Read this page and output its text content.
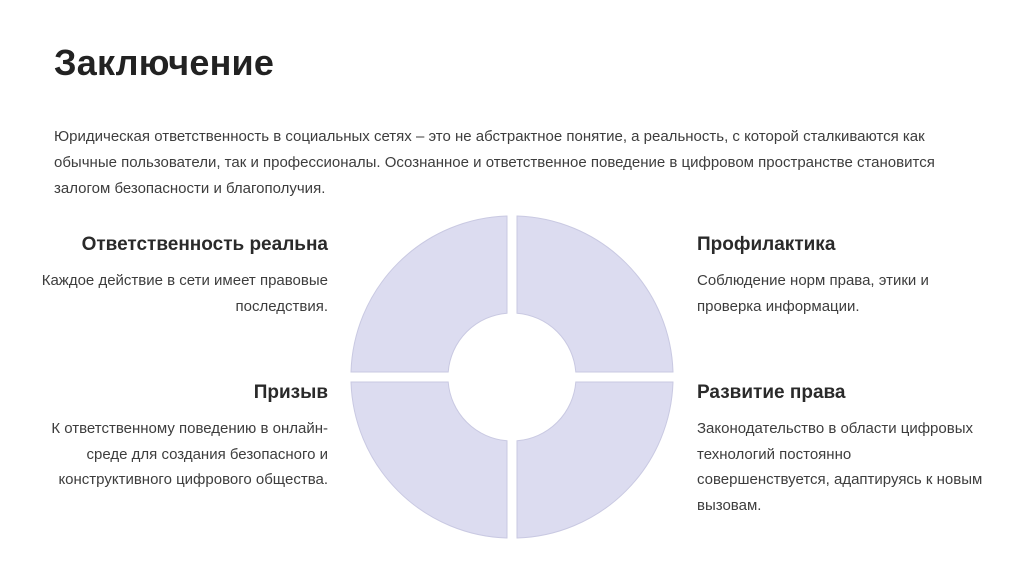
Заключение

Юридическая ответственность в социальных сетях – это не абстрактное понятие, а реальность, с которой сталкиваются как обычные пользователи, так и профессионалы. Осознанное и ответственное поведение в цифровом пространстве становится залогом безопасности и благополучия.

Ответственность реальна

Каждое действие в сети имеет правовые последствия.

Призыв

К ответственному поведению в онлайн-среде для создания безопасного и конструктивного цифрового общества.

Профилактика

Соблюдение норм права, этики и проверка информации.

Развитие права

Законодательство в области цифровых технологий постоянно совершенствуется, адаптируясь к новым вызовам.
